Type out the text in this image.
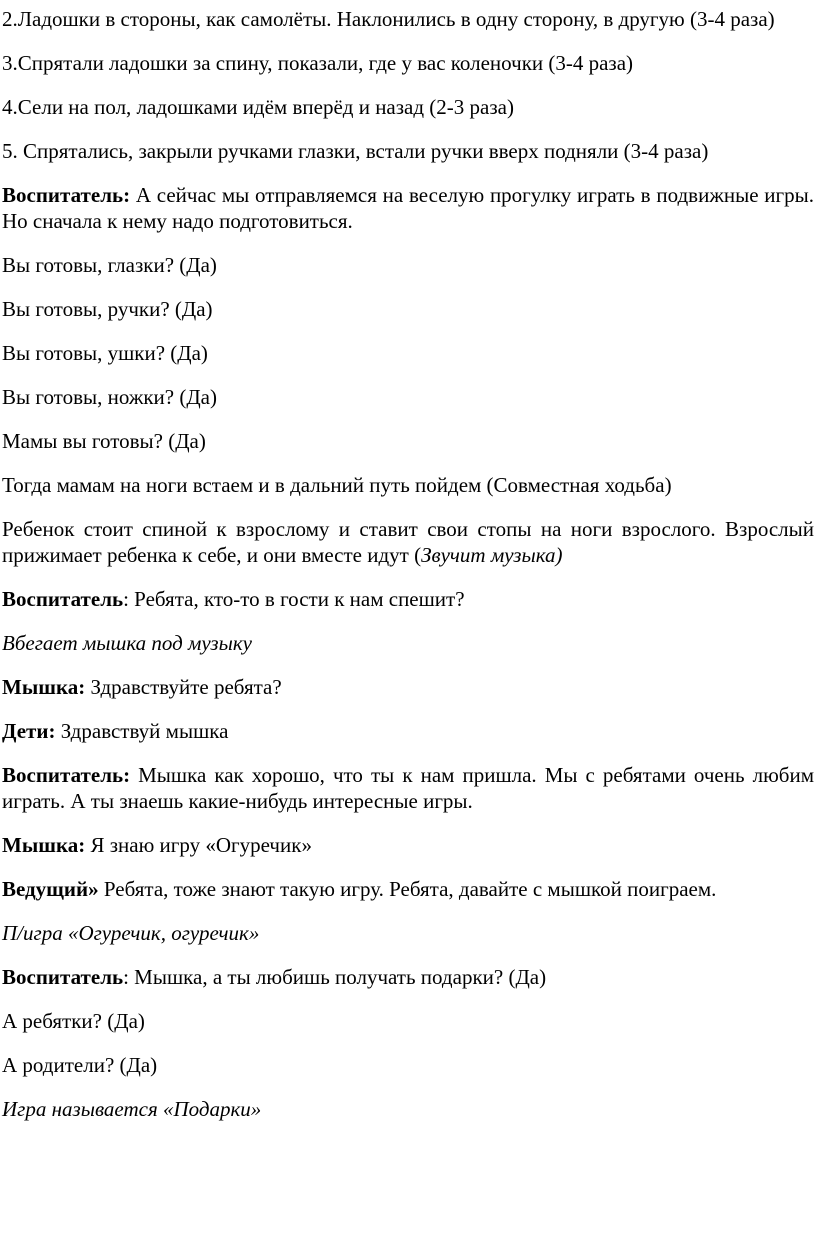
2.Ладошки в стороны, как самолёты. Наклонились в одну сторону, в другую (3-4 раза)

3.Спрятали ладошки за спину, показали, где у вас коленочки (3-4 раза)

4.Сели на пол, ладошками идём вперёд и назад (2-3 раза)

5. Спрятались, закрыли ручками глазки, встали ручки вверх подняли (3-4 раза)

Воспитатель: А сейчас мы отправляемся на веселую прогулку играть в подвижные игры. Но сначала к нему надо подготовиться.

Вы готовы, глазки? (Да)

Вы готовы, ручки? (Да)

Вы готовы, ушки? (Да)

Вы готовы, ножки? (Да)

Мамы вы готовы? (Да)

Тогда мамам на ноги встаем и в дальний путь пойдем (Совместная ходьба)

Ребенок стоит спиной к взрослому и ставит свои стопы на ноги взрослого. Взрослый прижимает ребенка к себе, и они вместе идут (Звучит музыка)

Воспитатель: Ребята, кто-то в гости к нам спешит?

Вбегает мышка под музыку

Мышка: Здравствуйте ребята?

Дети: Здравствуй мышка

Воспитатель: Мышка как хорошо, что ты к нам пришла. Мы с ребятами очень любим играть. А ты знаешь какие-нибудь интересные игры.

Мышка: Я знаю игру «Огуречик»

Ведущий» Ребята, тоже знают такую игру. Ребята, давайте с мышкой поиграем.

П/игра «Огуречик, огуречик»

Воспитатель: Мышка, а ты любишь получать подарки? (Да)

А ребятки? (Да)

А родители? (Да)

Игра называется «Подарки»
